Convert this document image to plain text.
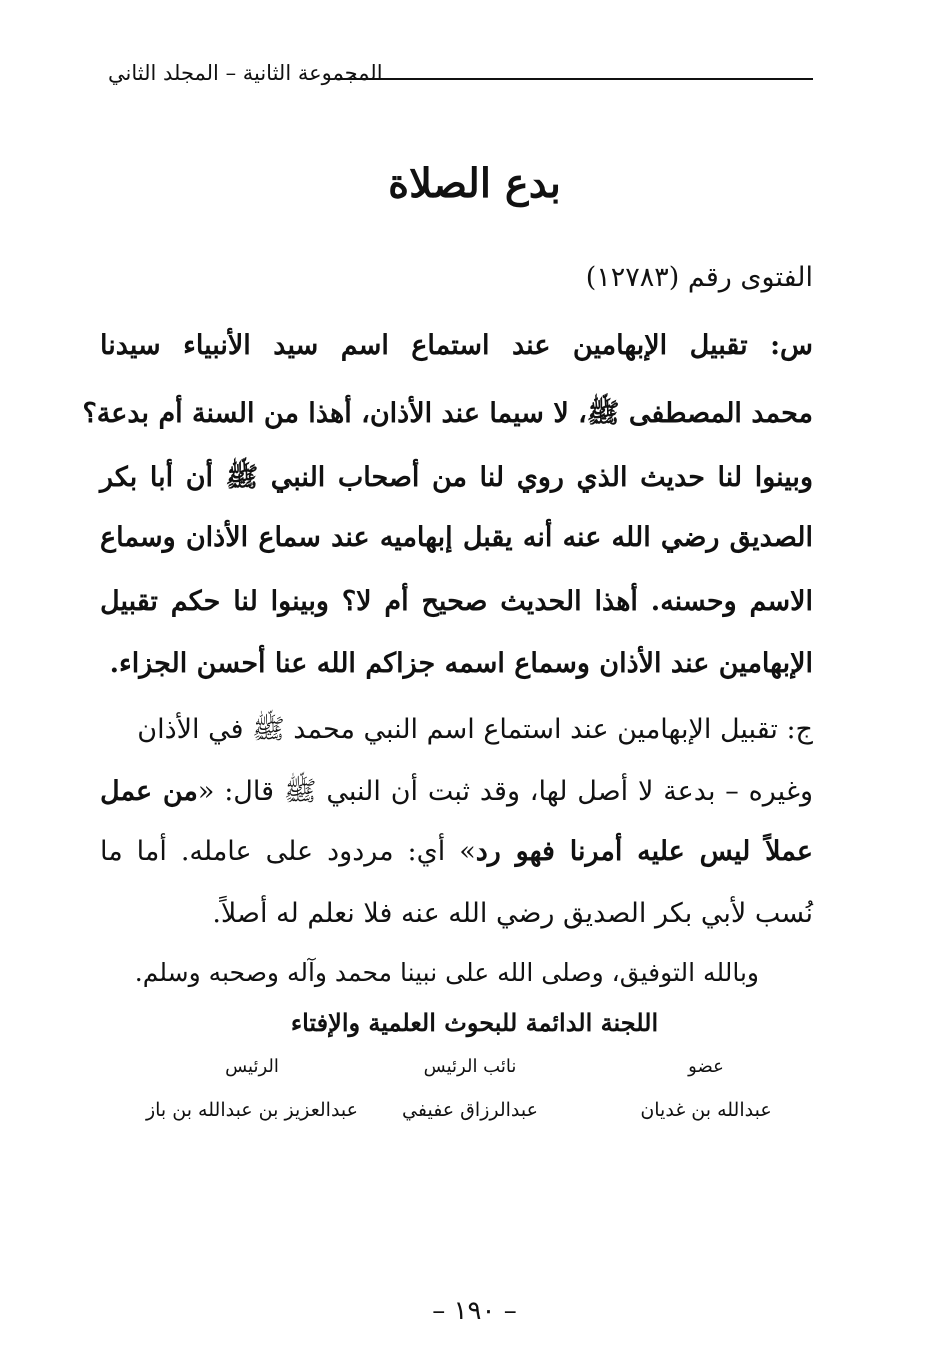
المجموعة الثانية – المجلد الثاني
بدع الصلاة
الفتوى رقم (١٢٧٨٣)
س: تقبيل الإبهامين عند استماع اسم سيد الأنبياء سيدنا
محمد المصطفى ﷺ، لا سيما عند الأذان، أهذا من السنة أم بدعة؟
وبينوا لنا حديث الذي روي لنا من أصحاب النبي ﷺ أن أبا بكر
الصديق رضي الله عنه أنه يقبل إبهاميه عند سماع الأذان وسماع
الاسم وحسنه. أهذا الحديث صحيح أم لا؟ وبينوا لنا حكم تقبيل
الإبهامين عند الأذان وسماع اسمه جزاكم الله عنا أحسن الجزاء.
ج: تقبيل الإبهامين عند استماع اسم النبي محمد ﷺ في الأذان
وغيره – بدعة لا أصل لها، وقد ثبت أن النبي ﷺ قال: «من عمل
عملاً ليس عليه أمرنا فهو رد» أي: مردود على عامله. أما ما
نُسب لأبي بكر الصديق رضي الله عنه فلا نعلم له أصلاً.
وبالله التوفيق، وصلى الله على نبينا محمد وآله وصحبه وسلم.
اللجنة الدائمة للبحوث العلمية والإفتاء
عضو
عبدالله بن غديان
نائب الرئيس
عبدالرزاق عفيفي
الرئيس
عبدالعزيز بن عبدالله بن باز
– ١٩٠ –
